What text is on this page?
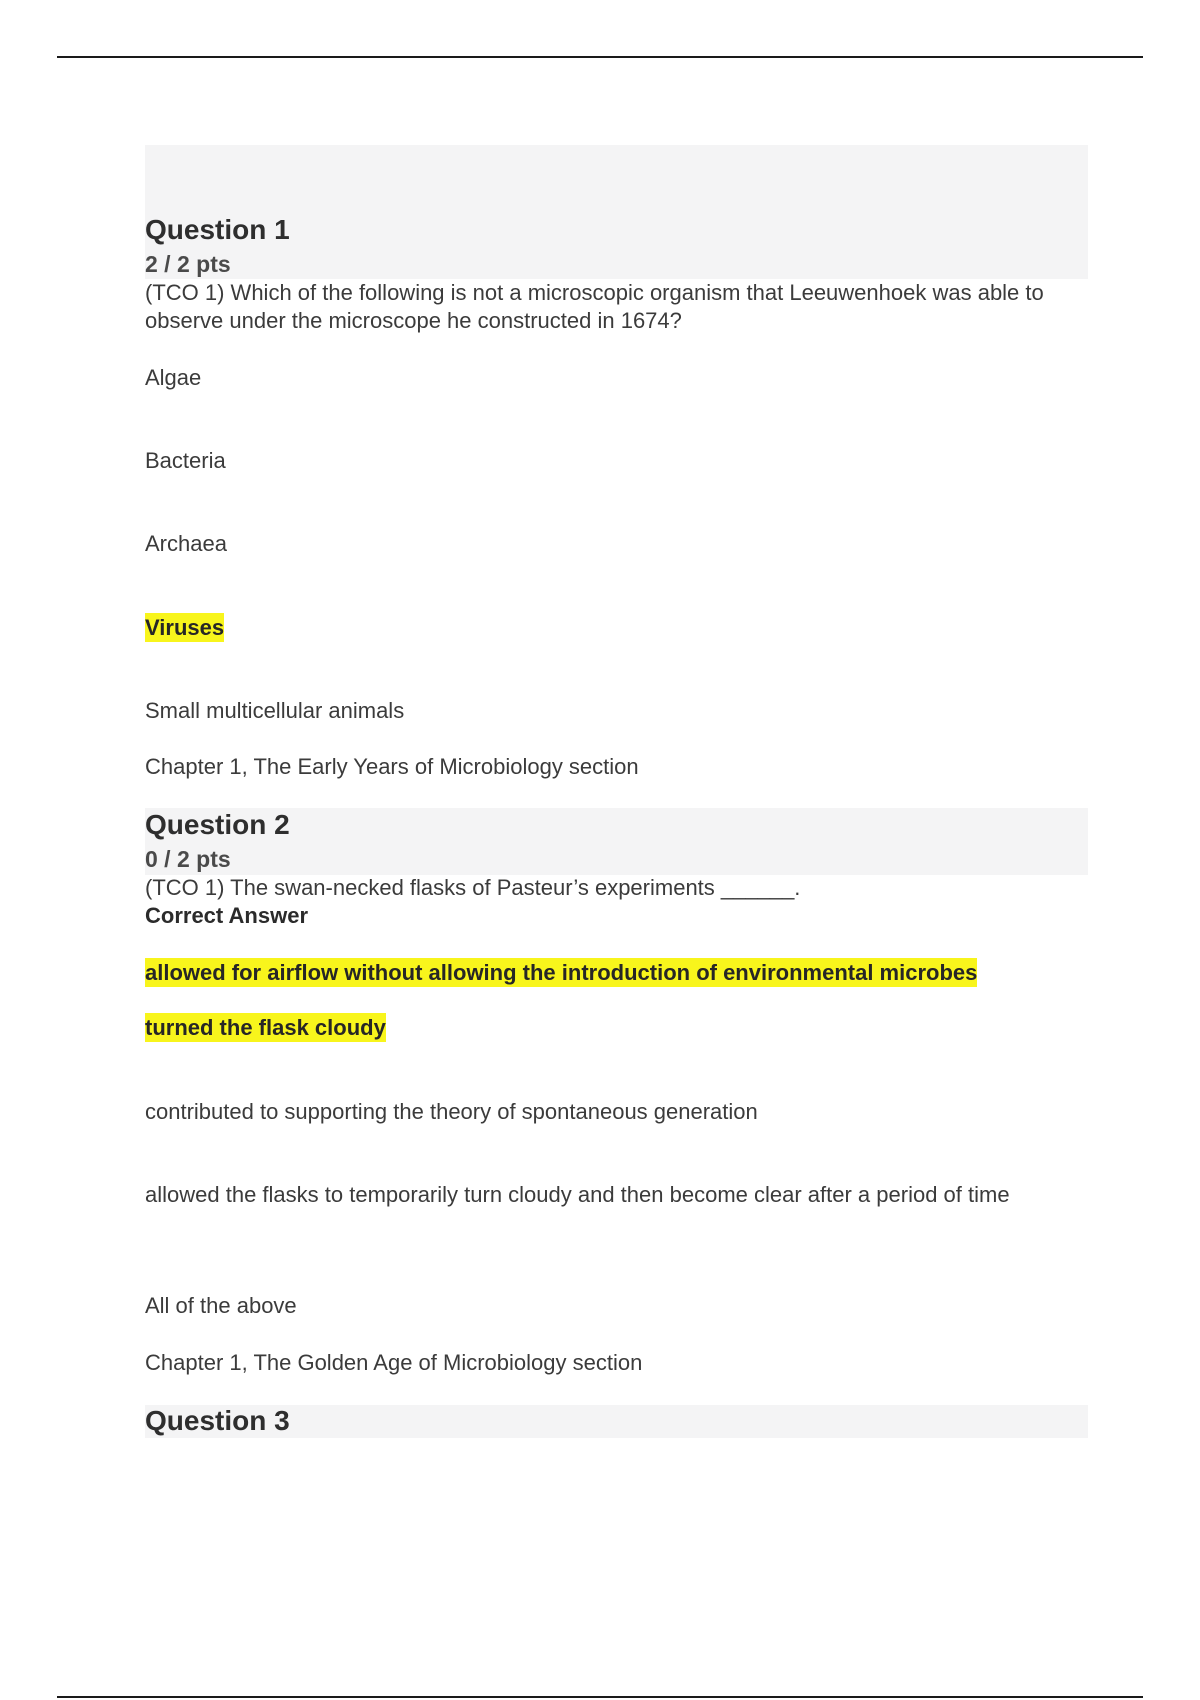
Question 1
2 / 2 pts
(TCO 1) Which of the following is not a microscopic organism that Leeuwenhoek was able to observe under the microscope he constructed in 1674?
Algae
Bacteria
Archaea
Viruses
Small multicellular animals
Chapter 1, The Early Years of Microbiology section
Question 2
0 / 2 pts
(TCO 1) The swan-necked flasks of Pasteur’s experiments ______.
Correct Answer
allowed for airflow without allowing the introduction of environmental microbes
turned the flask cloudy
contributed to supporting the theory of spontaneous generation
allowed the flasks to temporarily turn cloudy and then become clear after a period of time
All of the above
Chapter 1, The Golden Age of Microbiology section
Question 3
